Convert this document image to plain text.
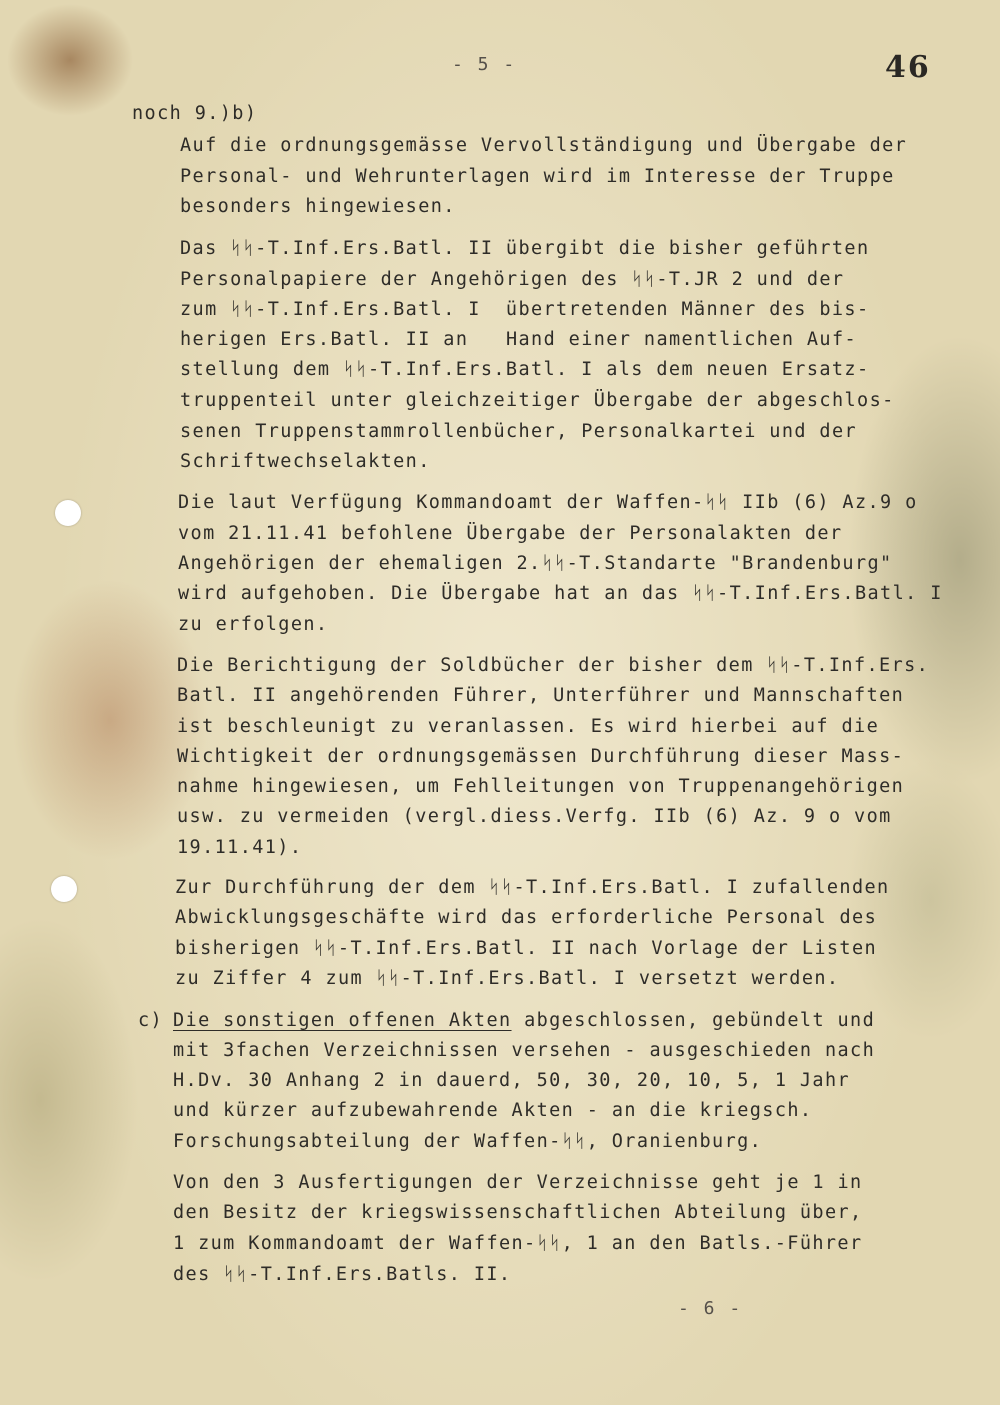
- 5 -	46
noch 9.)b)
Auf die ordnungsgemässe Vervollständigung und Übergabe der
Personal- und Wehrunterlagen wird im Interesse der Truppe
besonders hingewiesen.
Das ᛋᛋ-T.Inf.Ers.Batl. II übergibt die bisher geführten
Personalpapiere der Angehörigen des ᛋᛋ-T.JR 2 und der
zum ᛋᛋ-T.Inf.Ers.Batl. I  übertretenden Männer des bis-
herigen Ers.Batl. II an   Hand einer namentlichen Auf-
stellung dem ᛋᛋ-T.Inf.Ers.Batl. I als dem neuen Ersatz-
truppenteil unter gleichzeitiger Übergabe der abgeschlos-
senen Truppenstammrollenbücher, Personalkartei und der
Schriftwechselakten.
Die laut Verfügung Kommandoamt der Waffen-ᛋᛋ IIb (6) Az.9 o
vom 21.11.41 befohlene Übergabe der Personalakten der
Angehörigen der ehemaligen 2.ᛋᛋ-T.Standarte "Brandenburg"
wird aufgehoben. Die Übergabe hat an das ᛋᛋ-T.Inf.Ers.Batl. I
zu erfolgen.
Die Berichtigung der Soldbücher der bisher dem ᛋᛋ-T.Inf.Ers.
Batl. II angehörenden Führer, Unterführer und Mannschaften
ist beschleunigt zu veranlassen. Es wird hierbei auf die
Wichtigkeit der ordnungsgemässen Durchführung dieser Mass-
nahme hingewiesen, um Fehlleitungen von Truppenangehörigen
usw. zu vermeiden (vergl.diess.Verfg. IIb (6) Az. 9 o vom
19.11.41).
Zur Durchführung der dem ᛋᛋ-T.Inf.Ers.Batl. I zufallenden
Abwicklungsgeschäfte wird das erforderliche Personal des
bisherigen ᛋᛋ-T.Inf.Ers.Batl. II nach Vorlage der Listen
zu Ziffer 4 zum ᛋᛋ-T.Inf.Ers.Batl. I versetzt werden.
c) Die sonstigen offenen Akten abgeschlossen, gebündelt und
mit 3fachen Verzeichnissen versehen - ausgeschieden nach
H.Dv. 30 Anhang 2 in dauerd, 50, 30, 20, 10, 5, 1 Jahr
und kürzer aufzubewahrende Akten - an die kriegsch.
Forschungsabteilung der Waffen-ᛋᛋ, Oranienburg.
Von den 3 Ausfertigungen der Verzeichnisse geht je 1 in
den Besitz der kriegswissenschaftlichen Abteilung über,
1 zum Kommandoamt der Waffen-ᛋᛋ, 1 an den Batls.-Führer
des ᛋᛋ-T.Inf.Ers.Batls. II.
- 6 -
